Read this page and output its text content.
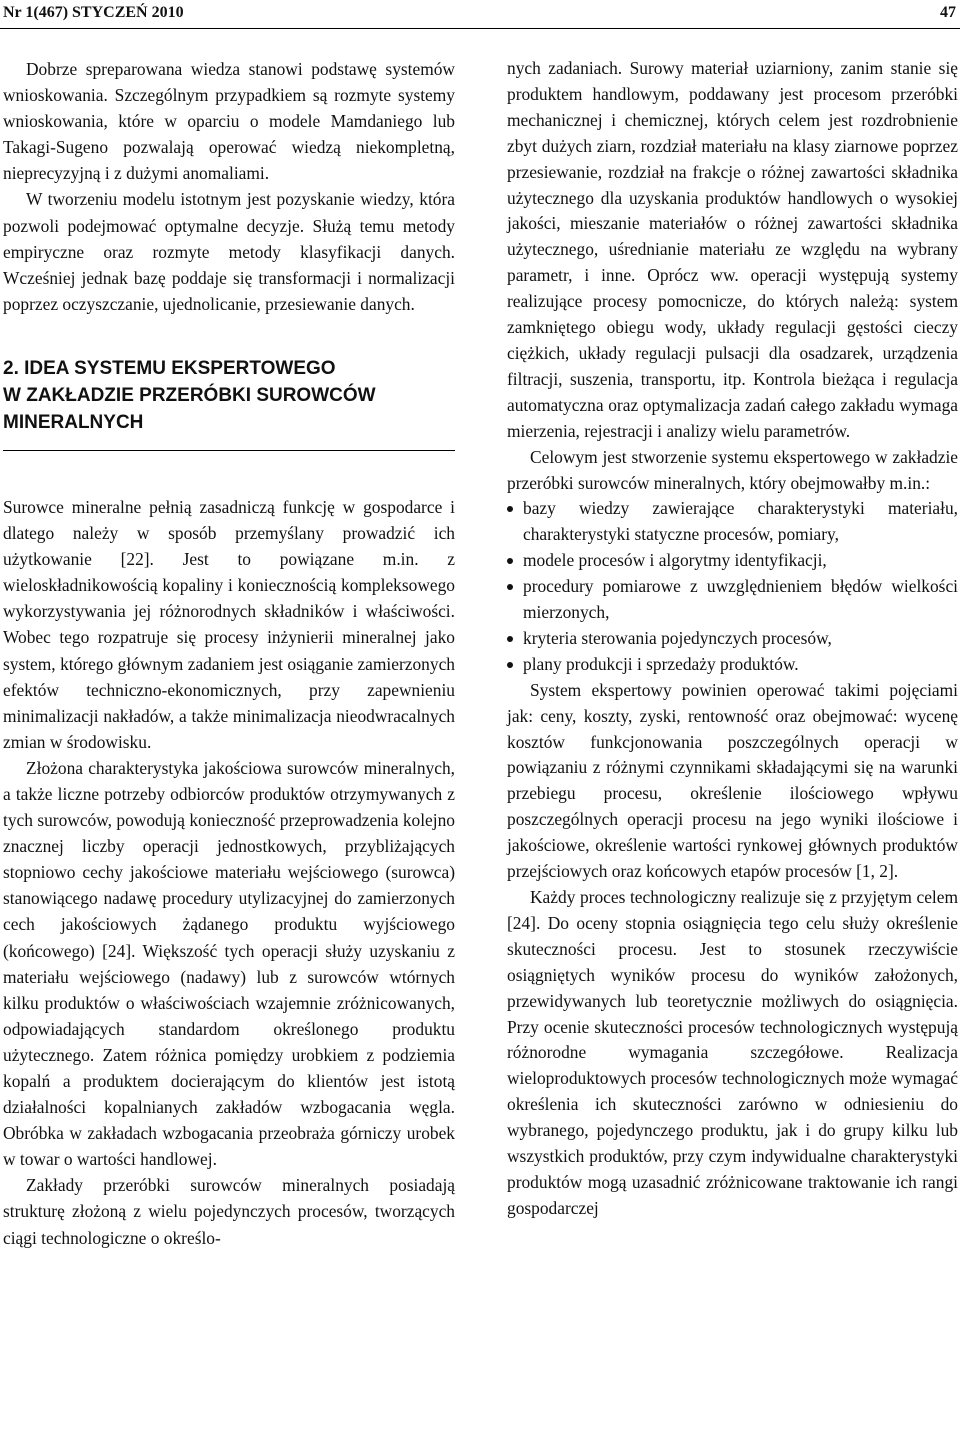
Nr 1(467) STYCZEŃ 2010	47

Dobrze spreparowana wiedza stanowi podstawę systemów wnioskowania. Szczególnym przypadkiem są rozmyte systemy wnioskowania, które w oparciu o modele Mamdaniego lub Takagi-Sugeno pozwalają operować wiedzą niekompletną, nieprecyzyjną i z dużymi anomaliami.

W tworzeniu modelu istotnym jest pozyskanie wiedzy, która pozwoli podejmować optymalne decyzje. Służą temu metody empiryczne oraz rozmyte metody klasyfikacji danych. Wcześniej jednak bazę poddaje się transformacji i normalizacji poprzez oczyszczanie, ujednolicanie, przesiewanie danych.

2. IDEA SYSTEMU EKSPERTOWEGO
W ZAKŁADZIE PRZERÓBKI SUROWCÓW
MINERALNYCH

Surowce mineralne pełnią zasadniczą funkcję w gospodarce i dlatego należy w sposób przemyślany prowadzić ich użytkowanie [22]. Jest to powiązane m.in. z wieloskładnikowością kopaliny i koniecznością kompleksowego wykorzystywania jej różnorodnych składników i właściwości. Wobec tego rozpatruje się procesy inżynierii mineralnej jako system, którego głównym zadaniem jest osiąganie zamierzonych efektów techniczno-ekonomicznych, przy zapewnieniu minimalizacji nakładów, a także minimalizacja nieodwracalnych zmian w środowisku.

Złożona charakterystyka jakościowa surowców mineralnych, a także liczne potrzeby odbiorców produktów otrzymywanych z tych surowców, powodują konieczność przeprowadzenia kolejno znacznej liczby operacji jednostkowych, przybliżających stopniowo cechy jakościowe materiału wejściowego (surowca) stanowiącego nadawę procedury utylizacyjnej do zamierzonych cech jakościowych żądanego produktu wyjściowego (końcowego) [24]. Większość tych operacji służy uzyskaniu z materiału wejściowego (nadawy) lub z surowców wtórnych kilku produktów o właściwościach wzajemnie zróżnicowanych, odpowiadających standardom określonego produktu użytecznego. Zatem różnica pomiędzy urobkiem z podziemia kopalń a produktem docierającym do klientów jest istotą działalności kopalnianych zakładów wzbogacania węgla. Obróbka w zakładach wzbogacania przeobraża górniczy urobek w towar o wartości handlowej.

Zakłady przeróbki surowców mineralnych posiadają strukturę złożoną z wielu pojedynczych procesów, tworzących ciągi technologiczne o określo-

nych zadaniach. Surowy materiał uziarniony, zanim stanie się produktem handlowym, poddawany jest procesom przeróbki mechanicznej i chemicznej, których celem jest rozdrobnienie zbyt dużych ziarn, rozdział materiału na klasy ziarnowe poprzez przesiewanie, rozdział na frakcje o różnej zawartości składnika użytecznego dla uzyskania produktów handlowych o wysokiej jakości, mieszanie materiałów o różnej zawartości składnika użytecznego, uśrednianie materiału ze względu na wybrany parametr, i inne. Oprócz ww. operacji występują systemy realizujące procesy pomocnicze, do których należą: system zamkniętego obiegu wody, układy regulacji gęstości cieczy ciężkich, układy regulacji pulsacji dla osadzarek, urządzenia filtracji, suszenia, transportu, itp. Kontrola bieżąca i regulacja automatyczna oraz optymalizacja zadań całego zakładu wymaga mierzenia, rejestracji i analizy wielu parametrów.

Celowym jest stworzenie systemu ekspertowego w zakładzie przeróbki surowców mineralnych, który obejmowałby m.in.:

bazy wiedzy zawierające charakterystyki materiału, charakterystyki statyczne procesów, pomiary,
modele procesów i algorytmy identyfikacji,
procedury pomiarowe z uwzględnieniem błędów wielkości mierzonych,
kryteria sterowania pojedynczych procesów,
plany produkcji i sprzedaży produktów.

System ekspertowy powinien operować takimi pojęciami jak: ceny, koszty, zyski, rentowność oraz obejmować: wycenę kosztów funkcjonowania poszczególnych operacji w powiązaniu z różnymi czynnikami składającymi się na warunki przebiegu procesu, określenie ilościowego wpływu poszczególnych operacji procesu na jego wyniki ilościowe i jakościowe, określenie wartości rynkowej głównych produktów przejściowych oraz końcowych etapów procesów [1, 2].

Każdy proces technologiczny realizuje się z przyjętym celem [24]. Do oceny stopnia osiągnięcia tego celu służy określenie skuteczności procesu. Jest to stosunek rzeczywiście osiągniętych wyników procesu do wyników założonych, przewidywanych lub teoretycznie możliwych do osiągnięcia. Przy ocenie skuteczności procesów technologicznych występują różnorodne wymagania szczegółowe. Realizacja wieloproduktowych procesów technologicznych może wymagać określenia ich skuteczności zarówno w odniesieniu do wybranego, pojedynczego produktu, jak i do grupy kilku lub wszystkich produktów, przy czym indywidualne charakterystyki produktów mogą uzasadnić zróżnicowane traktowanie ich rangi gospodarczej
